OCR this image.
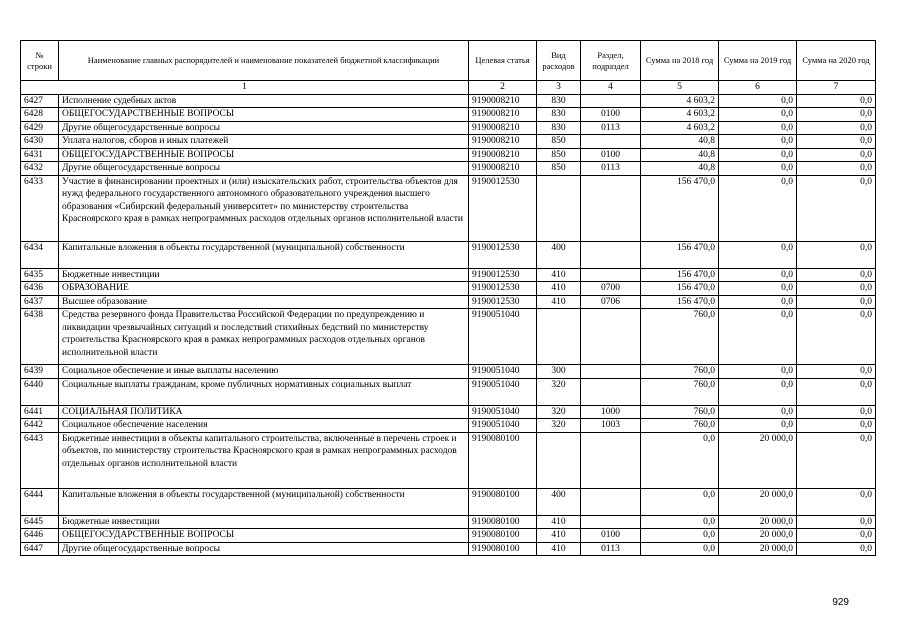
№ строки	Наименование главных распорядителей и наименование показателей бюджетной классификации	Целевая статья	Вид расходов	Раздел, подраздел	Сумма на 2018 год	Сумма на 2019 год	Сумма на 2020 год
1		2	3	4	5	6	7
6427	Исполнение судебных актов	9190008210	830		4 603,2	0,0	0,0
6428	ОБЩЕГОСУДАРСТВЕННЫЕ ВОПРОСЫ	9190008210	830	0100	4 603,2	0,0	0,0
6429	Другие общегосударственные вопросы	9190008210	830	0113	4 603,2	0,0	0,0
6430	Уплата налогов, сборов и иных платежей	9190008210	850		40,8	0,0	0,0
6431	ОБЩЕГОСУДАРСТВЕННЫЕ ВОПРОСЫ	9190008210	850	0100	40,8	0,0	0,0
6432	Другие общегосударственные вопросы	9190008210	850	0113	40,8	0,0	0,0
6433	Участие в финансировании проектных и (или) изыскательских работ, строительства объектов для нужд федерального государственного автономного образовательного учреждения высшего образования «Сибирский федеральный университет» по министерству строительства Красноярского края в рамках непрограммных расходов отдельных органов исполнительной власти	9190012530			156 470,0	0,0	0,0
6434	Капитальные вложения в объекты государственной (муниципальной) собственности	9190012530	400		156 470,0	0,0	0,0
6435	Бюджетные инвестиции	9190012530	410		156 470,0	0,0	0,0
6436	ОБРАЗОВАНИЕ	9190012530	410	0700	156 470,0	0,0	0,0
6437	Высшее образование	9190012530	410	0706	156 470,0	0,0	0,0
6438	Средства резервного фонда Правительства Российской Федерации по предупреждению и ликвидации чрезвычайных ситуаций и последствий стихийных бедствий по министерству строительства Красноярского края в рамках непрограммных расходов отдельных органов исполнительной власти	9190051040			760,0	0,0	0,0
6439	Социальное обеспечение и иные выплаты населению	9190051040	300		760,0	0,0	0,0
6440	Социальные выплаты гражданам, кроме публичных нормативных социальных выплат	9190051040	320		760,0	0,0	0,0
6441	СОЦИАЛЬНАЯ ПОЛИТИКА	9190051040	320	1000	760,0	0,0	0,0
6442	Социальное обеспечение населения	9190051040	320	1003	760,0	0,0	0,0
6443	Бюджетные инвестиции в объекты капитального строительства, включенные в перечень строек и объектов, по министерству строительства Красноярского края в рамках непрограммных расходов отдельных органов исполнительной власти	9190080100			0,0	20 000,0	0,0
6444	Капитальные вложения в объекты государственной (муниципальной) собственности	9190080100	400		0,0	20 000,0	0,0
6445	Бюджетные инвестиции	9190080100	410		0,0	20 000,0	0,0
6446	ОБЩЕГОСУДАРСТВЕННЫЕ ВОПРОСЫ	9190080100	410	0100	0,0	20 000,0	0,0
6447	Другие общегосударственные вопросы	9190080100	410	0113	0,0	20 000,0	0,0
929
